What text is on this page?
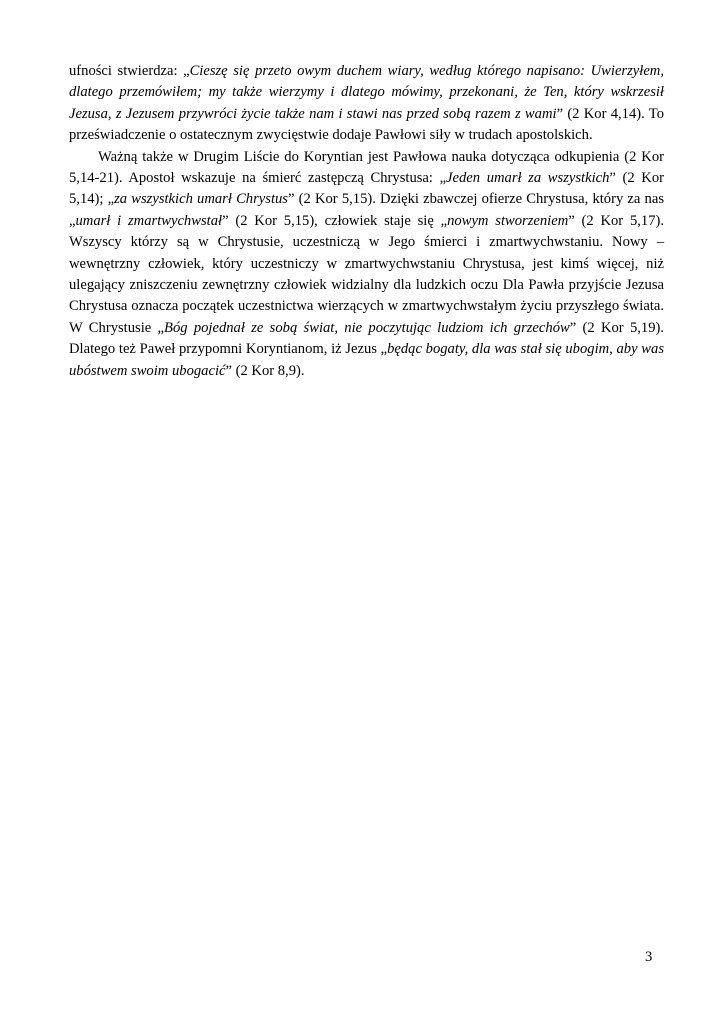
ufności stwierdza: „Cieszę się przeto owym duchem wiary, według którego napisano: Uwierzyłem, dlatego przemówiłem; my także wierzymy i dlatego mówimy, przekonani, że Ten, który wskrzesił Jezusa, z Jezusem przywróci życie także nam i stawi nas przed sobą razem z wami” (2 Kor 4,14). To przeświadczenie o ostatecznym zwycięstwie dodaje Pawłowi siły w trudach apostolskich.

Ważną także w Drugim Liście do Koryntian jest Pawłowa nauka dotycząca odkupienia (2 Kor 5,14-21). Apostoł wskazuje na śmierć zastępczą Chrystusa: „Jeden umarł za wszystkich” (2 Kor 5,14); „za wszystkich umarł Chrystus” (2 Kor 5,15). Dzięki zbawczej ofierze Chrystusa, który za nas „umarł i zmartwychwstał” (2 Kor 5,15), człowiek staje się „nowym stworzeniem” (2 Kor 5,17). Wszyscy którzy są w Chrystusie, uczestniczą w Jego śmierci i zmartwychwstaniu. Nowy – wewnętrzny człowiek, który uczestniczy w zmartwychwstaniu Chrystusa, jest kimś więcej, niż ulegający zniszczeniu zewnętrzny człowiek widzialny dla ludzkich oczu Dla Pawła przyjście Jezusa Chrystusa oznacza początek uczestnictwa wierzących w zmartwychwstałym życiu przyszłego świata. W Chrystusie „Bóg pojednał ze sobą świat, nie poczytując ludziom ich grzechów” (2 Kor 5,19). Dlatego też Paweł przypomni Koryntianom, iż Jezus „będąc bogaty, dla was stał się ubogim, aby was ubóstwem swoim ubogacić” (2 Kor 8,9).

3
